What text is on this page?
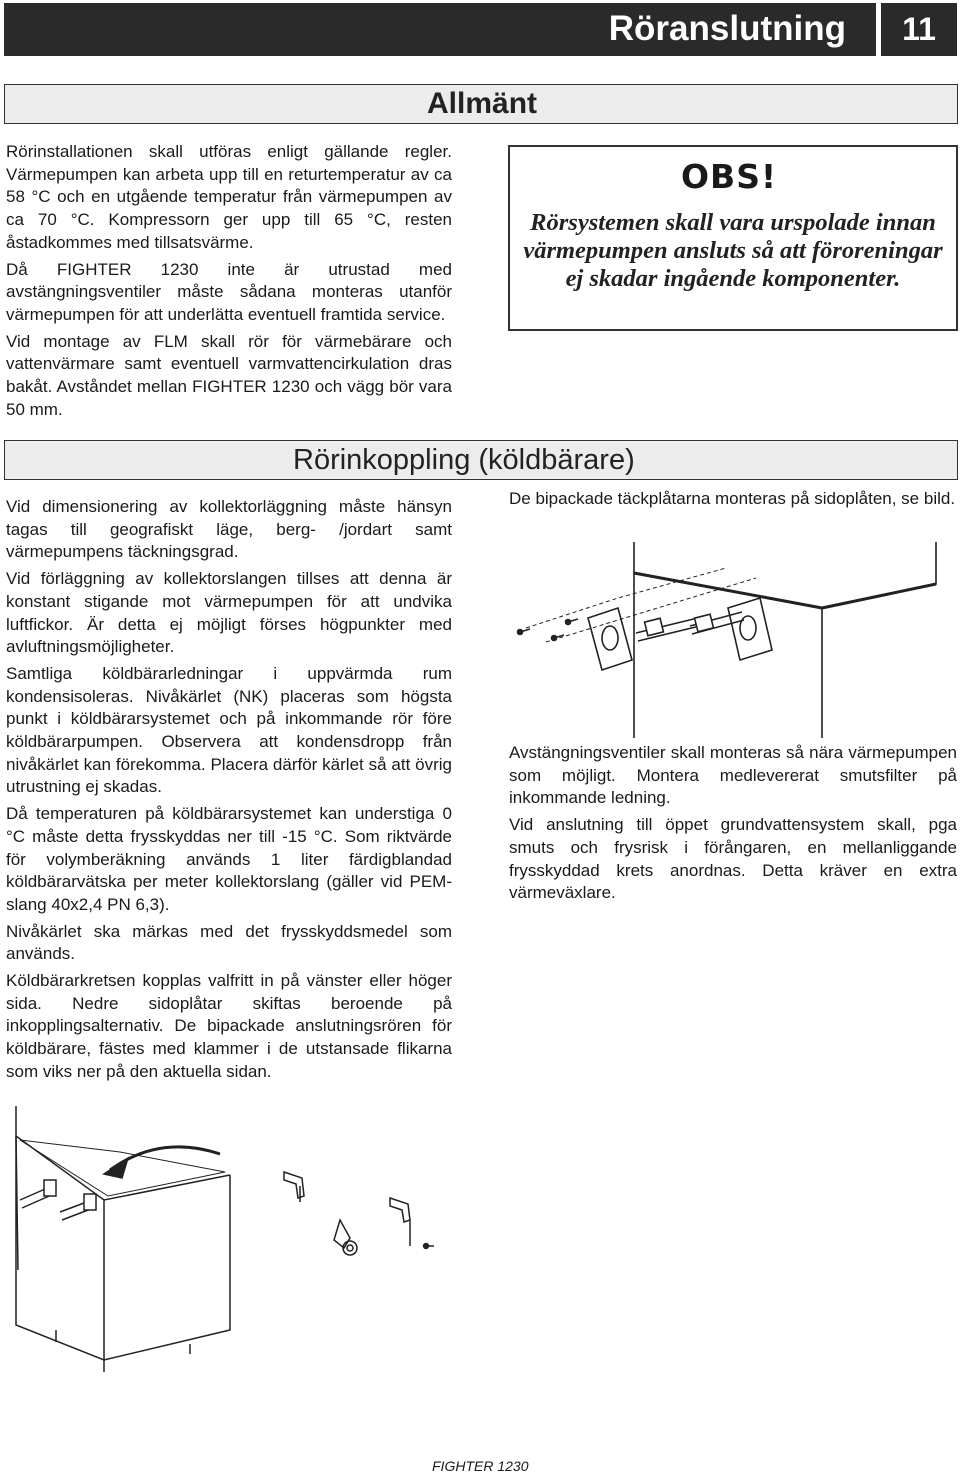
Röranslutning	11
Allmänt

Rörinstallationen skall utföras enligt gällande regler. Värmepumpen kan arbeta upp till en returtemperatur av ca 58 °C och en utgående temperatur från värmepumpen av ca 70 °C. Kompressorn ger upp till 65 °C, resten åstadkommes med tillsatsvärme.

Då FIGHTER 1230 inte är utrustad med avstängningsventiler måste sådana monteras utanför värmepumpen för att underlätta eventuell framtida service.

Vid montage av FLM skall rör för värmebärare och vattenvärmare samt eventuell varmvattencirkulation dras bakåt. Avståndet mellan FIGHTER 1230 och vägg bör vara 50 mm.

OBS!
Rörsystemen skall vara urspolade innan värmepumpen ansluts så att föroreningar ej skadar ingående komponenter.
Rörinkoppling (köldbärare)

Vid dimensionering av kollektorläggning måste hänsyn tagas till geografiskt läge, berg- /jordart samt värmepumpens täckningsgrad.

Vid förläggning av kollektorslangen tillses att denna är konstant stigande mot värmepumpen för att undvika luftfickor. Är detta ej möjligt förses högpunkter med avluftningsmöjligheter.

Samtliga köldbärarledningar i uppvärmda rum kondensisoleras. Nivåkärlet (NK) placeras som högsta punkt i köldbärarsystemet och på inkommande rör före köldbärarpumpen. Observera att kondensdropp från nivåkärlet kan förekomma. Placera därför kärlet så att övrig utrustning ej skadas.

Då temperaturen på köldbärarsystemet kan understiga 0 °C måste detta frysskyddas ner till -15 °C. Som riktvärde för volymberäkning används 1 liter färdigblandad köldbärarvätska per meter kollektorslang (gäller vid PEM-slang 40x2,4 PN 6,3).

Nivåkärlet ska märkas med det frysskyddsmedel som används.

Köldbärarkretsen kopplas valfritt in på vänster eller höger sida. Nedre sidoplåtar skiftas beroende på inkopplingsalternativ. De bipackade anslutningsrören för köldbärare, fästes med klammer i de utstansade flikarna som viks ner på den aktuella sidan.

De bipackade täckplåtarna monteras på sidoplåten, se bild.

Avstängningsventiler skall monteras så nära värmepumpen som möjligt. Montera medlevererat smutsfilter på inkommande ledning.

Vid anslutning till öppet grundvattensystem skall, pga smuts och frysrisk i förångaren, en mellanliggande frysskyddad krets anordnas. Detta kräver en extra värmeväxlare.

FIGHTER 1230
